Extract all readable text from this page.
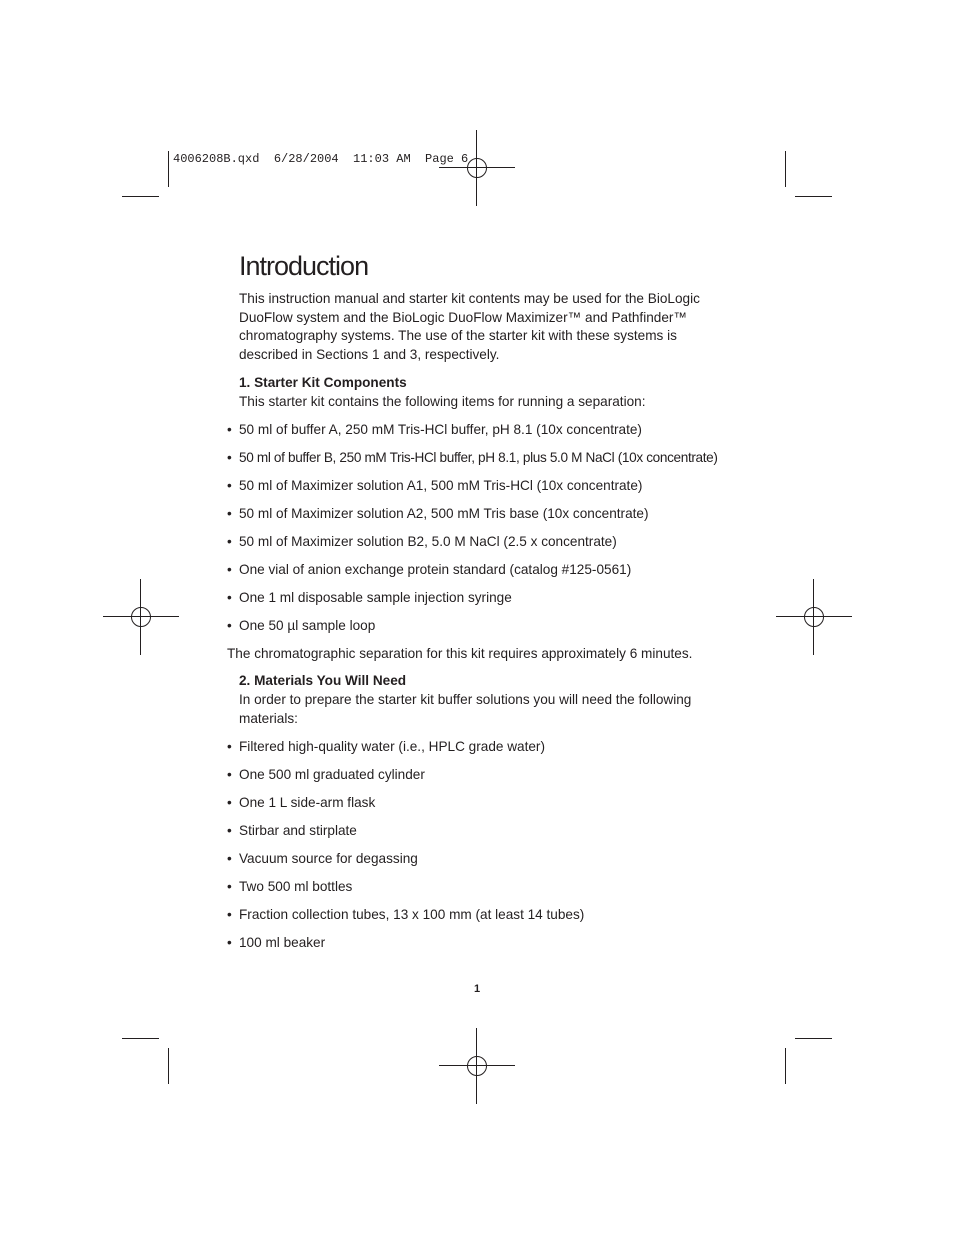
4006208B.qxd  6/28/2004  11:03 AM  Page 6
Introduction
This instruction manual and starter kit contents may be used for the BioLogic
DuoFlow system and the BioLogic DuoFlow Maximizer™ and Pathfinder™
chromatography systems. The use of the starter kit with these systems is
described in Sections 1 and 3, respectively.
1. Starter Kit Components
This starter kit contains the following items for running a separation:
• 50 ml of buffer A, 250 mM Tris-HCl buffer, pH 8.1 (10x concentrate)
• 50 ml of buffer B, 250 mM Tris-HCl buffer, pH 8.1, plus 5.0 M NaCl (10x concentrate)
• 50 ml of Maximizer solution A1, 500 mM Tris-HCl (10x concentrate)
• 50 ml of Maximizer solution A2, 500 mM Tris base (10x concentrate)
• 50 ml of Maximizer solution B2, 5.0 M NaCl (2.5 x concentrate)
• One vial of anion exchange protein standard (catalog #125-0561)
• One 1 ml disposable sample injection syringe
• One 50 µl sample loop
The chromatographic separation for this kit requires approximately 6 minutes.
2. Materials You Will Need
In order to prepare the starter kit buffer solutions you will need the following
materials:
• Filtered high-quality water (i.e., HPLC grade water)
• One 500 ml graduated cylinder
• One 1 L side-arm flask
• Stirbar and stirplate
• Vacuum source for degassing
• Two 500 ml bottles
• Fraction collection tubes, 13 x 100 mm (at least 14 tubes)
• 100 ml beaker
1
